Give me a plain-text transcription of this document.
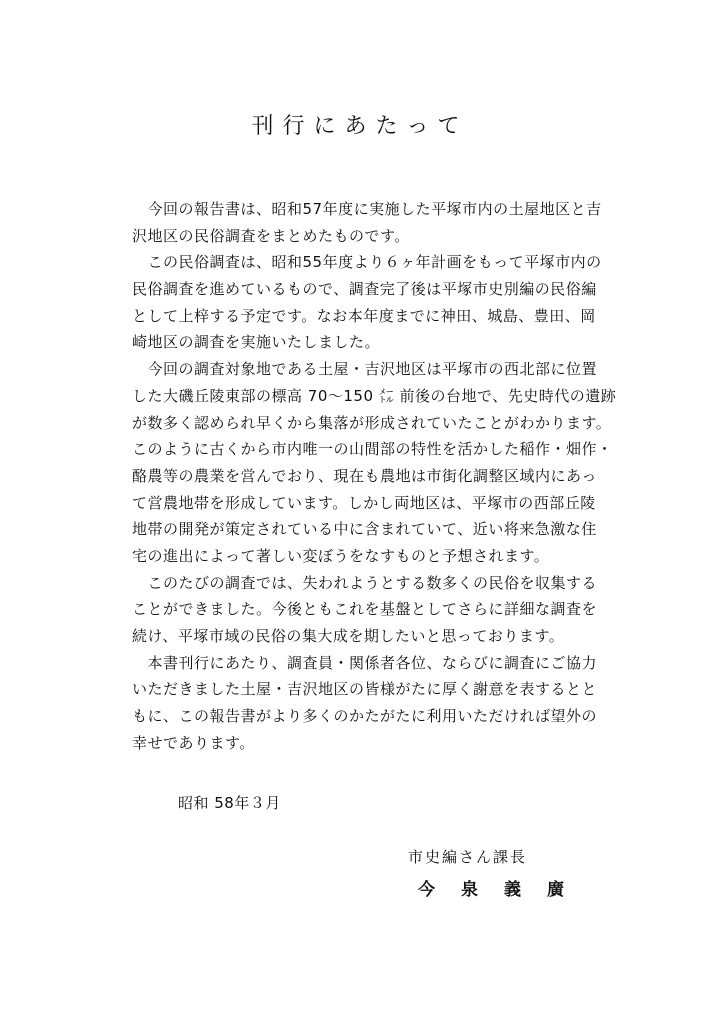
刊行にあたって
　今回の報告書は、昭和57年度に実施した平塚市内の土屋地区と吉
沢地区の民俗調査をまとめたものです。
　この民俗調査は、昭和55年度より６ヶ年計画をもって平塚市内の
民俗調査を進めているもので、調査完了後は平塚市史別編の民俗編
として上梓する予定です。なお本年度までに神田、城島、豊田、岡
崎地区の調査を実施いたしました。
　今回の調査対象地である土屋・吉沢地区は平塚市の西北部に位置
した大磯丘陵東部の標高 70～150 ㍍ 前後の台地で、先史時代の遺跡
が数多く認められ早くから集落が形成されていたことがわかります。
このように古くから市内唯一の山間部の特性を活かした稲作・畑作・
酪農等の農業を営んでおり、現在も農地は市街化調整区域内にあっ
て営農地帯を形成しています。しかし両地区は、平塚市の西部丘陵
地帯の開発が策定されている中に含まれていて、近い将来急激な住
宅の進出によって著しい変ぼうをなすものと予想されます。
　このたびの調査では、失われようとする数多くの民俗を収集する
ことができました。今後ともこれを基盤としてさらに詳細な調査を
続け、平塚市域の民俗の集大成を期したいと思っております。
　本書刊行にあたり、調査員・関係者各位、ならびに調査にご協力
いただきました土屋・吉沢地区の皆様がたに厚く謝意を表するとと
もに、この報告書がより多くのかたがたに利用いただければ望外の
幸せであります。
昭和 58年３月
市史編さん課長
今泉義廣
